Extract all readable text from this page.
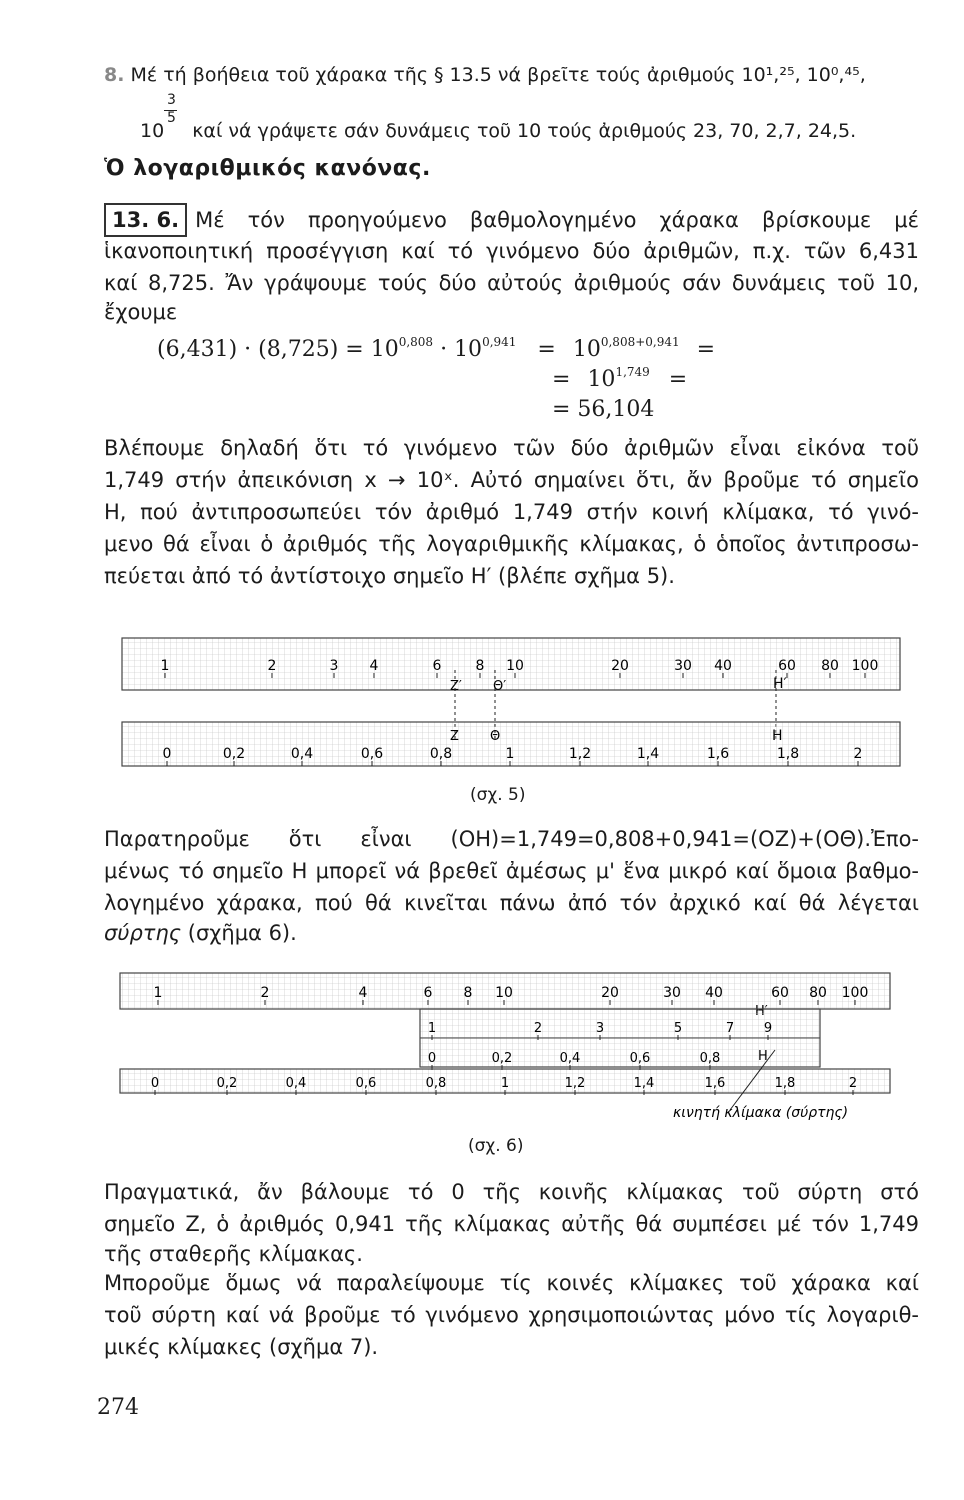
8. Μέ τή βοήθεια τοῦ χάρακα τῆς § 13.5 νά βρεῖτε τούς ἀριθμούς 10¹,²⁵, 10⁰,⁴⁵,
3
5
10 καί νά γράψετε σάν δυνάμεις τοῦ 10 τούς ἀριθμούς 23, 70, 2,7, 24,5.
Ὁ λογαριθμικός κανόνας.
13. 6. Μέ τόν προηγούμενο βαθμολογημένο χάρακα βρίσκουμε μέ
ἱκανοποιητική προσέγγιση καί τό γινόμενο δύο ἀριθμῶν, π.χ. τῶν 6,431
καί 8,725. Ἄν γράψουμε τούς δύο αὐτούς ἀριθμούς σάν δυνάμεις τοῦ 10,
ἔχουμε
$(6,431) \cdot (8,725) = 10^{0,808} \cdot 10^{0,941} = 10^{0,808+0,941}$ =
= $10^{1,749}$ =
= 56,104
Βλέπουμε δηλαδή ὅτι τό γινόμενο τῶν δύο ἀριθμῶν εἶναι εἰκόνα τοῦ
1,749 στήν ἀπεικόνιση x → 10ˣ. Αὐτό σημαίνει ὅτι, ἄν βροῦμε τό σημεῖο
Η, πού ἀντιπροσωπεύει τόν ἀριθμό 1,749 στήν κοινή κλίμακα, τό γινό-
μενο θά εἶναι ὁ ἀριθμός τῆς λογαριθμικῆς κλίμακας, ὁ ὁποῖος ἀντιπροσω-
πεύεται ἀπό τό ἀντίστοιχο σημεῖο Η′ (βλέπε σχῆμα 5).
1	2	3 4	6 8 10	20	30 40	60 80 100
Z′ Θ′	Η′
Z Θ	Η
0	0,2	0,4	0,6	0,8	1	1,2	1,4	1,6	1,8	2
(σχ. 5)
Παρατηροῦμε ὅτι εἶναι (ΟΗ)=1,749=0,808+0,941=(ΟΖ)+(ΟΘ).Ἐπο-
μένως τό σημεῖο Η μπορεῖ νά βρεθεῖ ἀμέσως μ' ἕνα μικρό καί ὅμοια βαθμο-
λογημένο χάρακα, πού θά κινεῖται πάνω ἀπό τόν ἀρχικό καί θά λέγεται
σύρτης (σχῆμα 6).
1	2	4	6 8 10	20	30 40	60 80 100
1	2	3	5	7 9
0	0,2	0,4	0,6	0,8	Η
0	0,2	0,4	0,6	0,8	1	1,2	1,4	1,6	1,8	2
κινητή κλίμακα (σύρτης)
(σχ. 6)
Πραγματικά, ἄν βάλουμε τό 0 τῆς κοινῆς κλίμακας τοῦ σύρτη στό
σημεῖο Ζ, ὁ ἀριθμός 0,941 τῆς κλίμακας αὐτῆς θά συμπέσει μέ τόν 1,749
τῆς σταθερῆς κλίμακας.
Μποροῦμε ὅμως νά παραλείψουμε τίς κοινές κλίμακες τοῦ χάρακα καί
τοῦ σύρτη καί νά βροῦμε τό γινόμενο χρησιμοποιώντας μόνο τίς λογαριθ-
μικές κλίμακες (σχῆμα 7).
274
